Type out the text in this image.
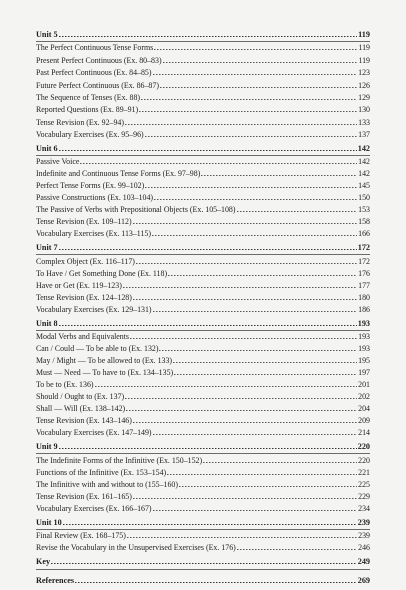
Unit 5	119
The Perfect Continuous Tense Forms	119
Present Perfect Continuous (Ex. 80–83)	119
Past Perfect Continuous (Ex. 84–85)	123
Future Perfect Continuous (Ex. 86–87)	126
The Sequence of Tenses (Ex. 88)	129
Reported Questions (Ex. 89–91)	130
Tense Revision (Ex. 92–94)	133
Vocabulary Exercises (Ex. 95–96)	137
Unit 6	142
Passive Voice	142
Indefinite and Continuous Tense Forms (Ex. 97–98)	142
Perfect Tense Forms (Ex. 99–102)	145
Passive Constructions (Ex. 103–104)	150
The Passive of Verbs with Prepositional Objects (Ex. 105–108)	153
Tense Revision (Ex. 109–112)	158
Vocabulary Exercises (Ex. 113–115)	166
Unit 7	172
Complex Object (Ex. 116–117)	172
To Have / Get Something Done (Ex. 118)	176
Have or Get (Ex. 119–123)	177
Tense Revision (Ex. 124–128)	180
Vocabulary Exercises (Ex. 129–131)	186
Unit 8	193
Modal Verbs and Equivalents	193
Can / Could — To be able to (Ex. 132)	193
May / Might — To be allowed to (Ex. 133)	195
Must — Need — To have to (Ex. 134–135)	197
To be to (Ex. 136)	201
Should / Ought to (Ex. 137)	202
Shall — Will (Ex. 138–142)	204
Tense Revision (Ex. 143–146)	209
Vocabulary Exercises (Ex. 147–149)	214
Unit 9	220
The Indefinite Forms of the Infinitive (Ex. 150–152)	220
Functions of the Infinitive (Ex. 153–154)	221
The Infinitive with and without to (155–160)	225
Tense Revision (Ex. 161–165)	229
Vocabulary Exercises (Ex. 166–167)	234
Unit 10	239
Final Review (Ex. 168–175)	239
Revise the Vocabulary in the Unsupervised Exercises (Ex. 176)	246
Key	249
References	269
